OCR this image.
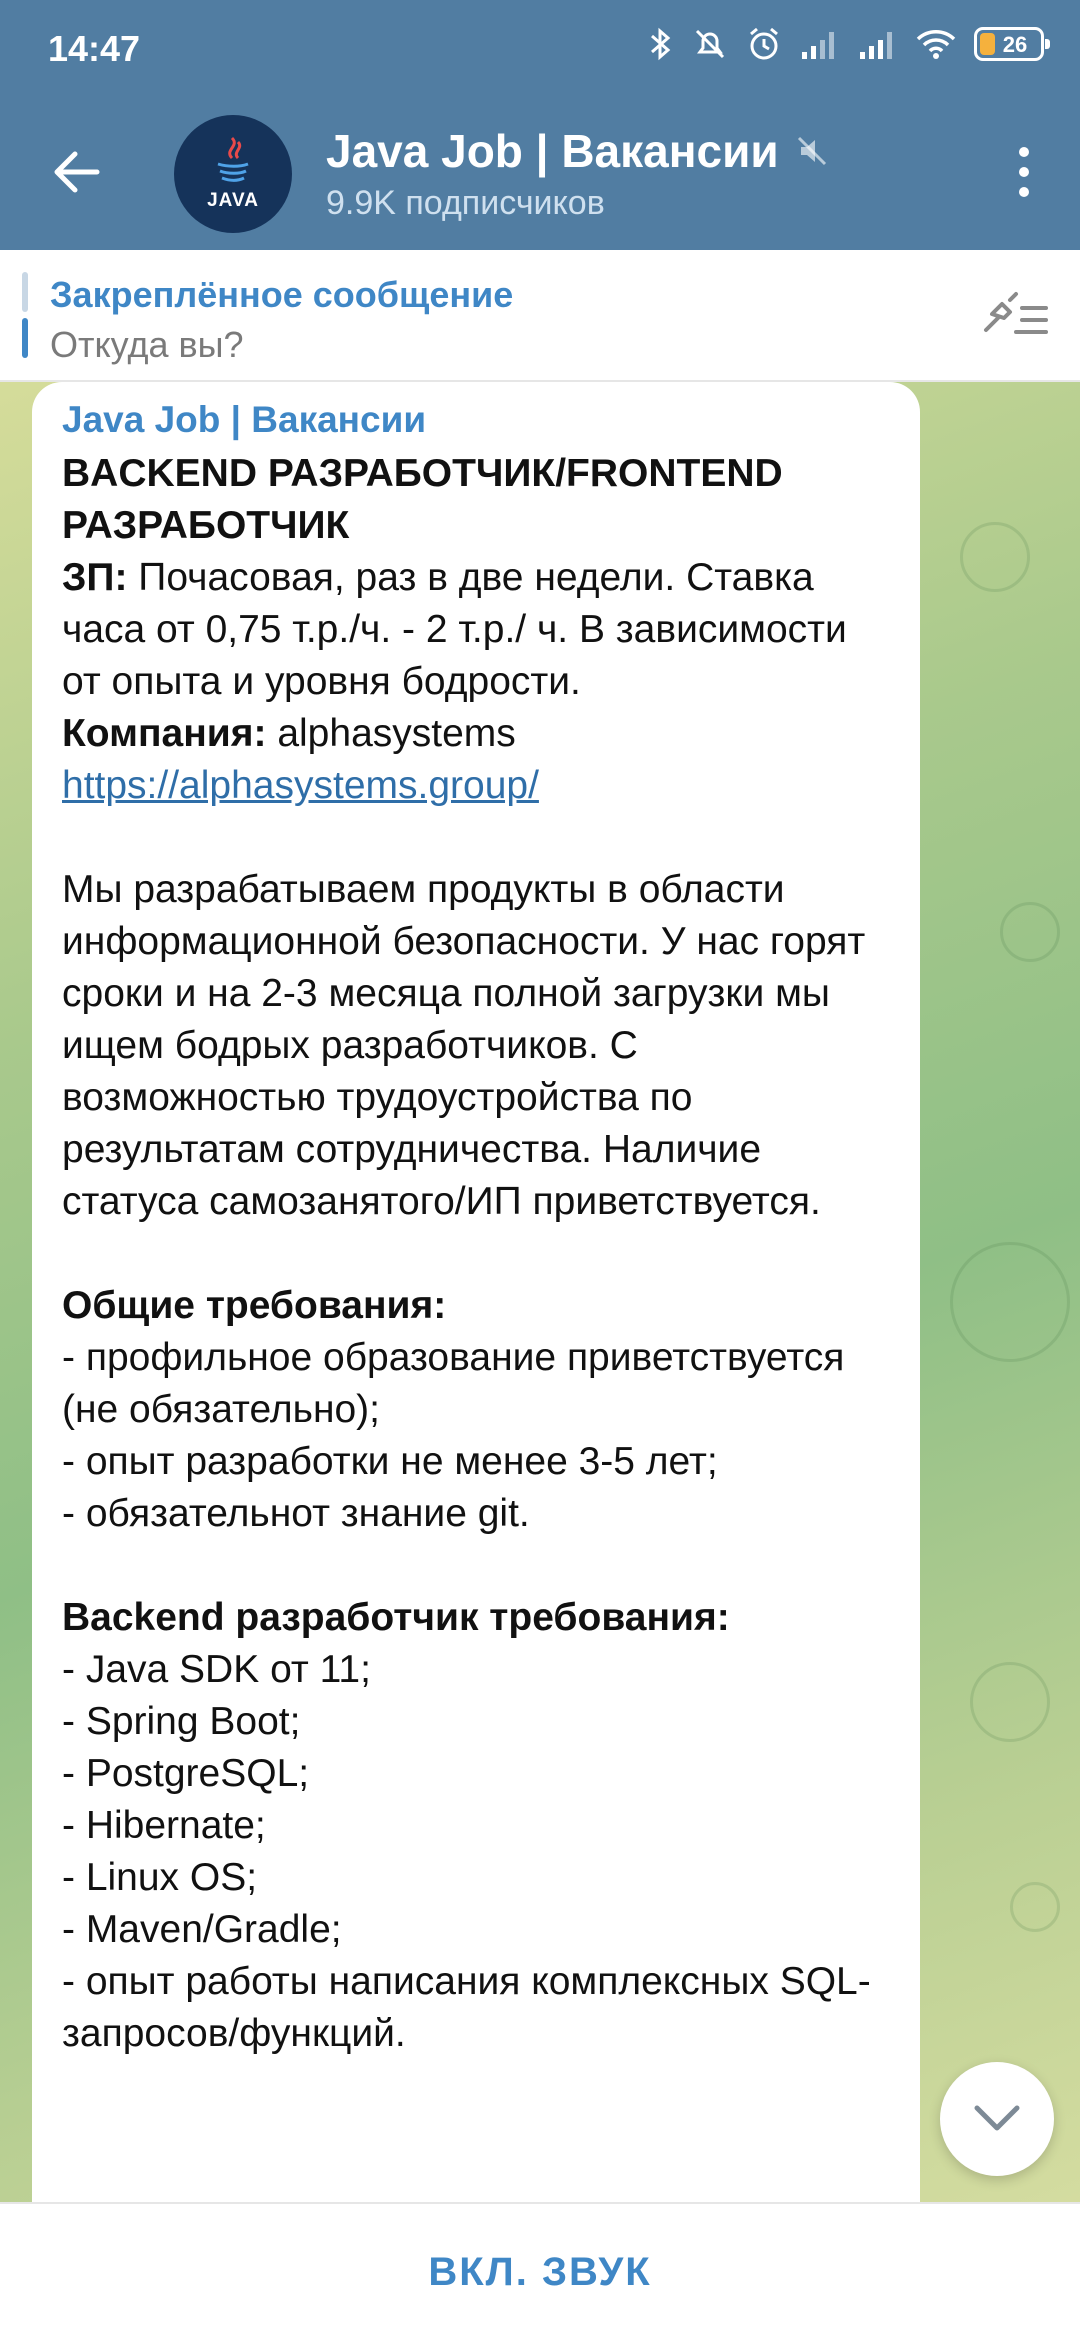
14:47	26
JAVA
Java Job | Вакансии
9.9K подписчиков
Закреплённое сообщение
Откуда вы?
Java Job | Вакансии
BACKEND РАЗРАБОТЧИК/FRONTEND РАЗРАБОТЧИК
ЗП: Почасовая, раз в две недели. Ставка часа от 0,75 т.р./ч. - 2 т.р./ ч. В зависимости от опыта и уровня бодрости.
Компания: alphasystems
https://alphasystems.group/

Мы разрабатываем продукты в области информационной безопасности. У нас горят сроки и на 2-3 месяца полной загрузки мы ищем бодрых разработчиков. С возможностью трудоустройства по результатам сотрудничества. Наличие статуса самозанятого/ИП приветствуется.

Общие требования:
- профильное образование приветствуется (не обязательно);
- опыт разработки не менее 3-5 лет;
- обязательнот знание git.

Backend разработчик требования:
- Java SDK от 11;
- Spring Boot;
- PostgreSQL;
- Hibernate;
- Linux OS;
- Maven/Gradle;
- опыт работы написания комплексных SQL-запросов/функций.
ВКЛ. ЗВУК
